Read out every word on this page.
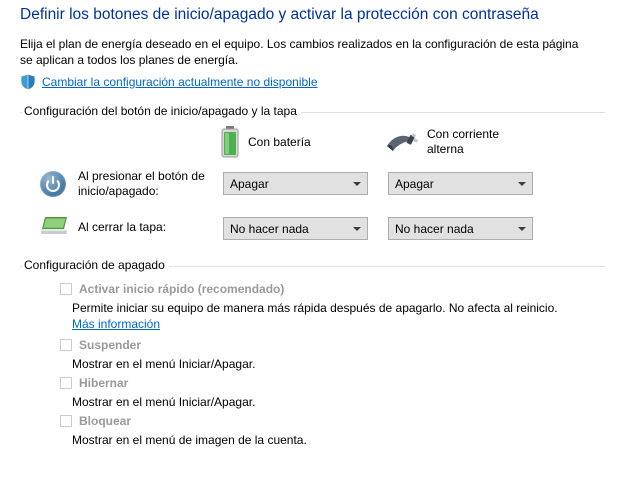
Definir los botones de inicio/apagado y activar la protección con contraseña
Elija el plan de energía deseado en el equipo. Los cambios realizados en la configuración de esta página se aplican a todos los planes de energía.
Cambiar la configuración actualmente no disponible
Configuración del botón de inicio/apagado y la tapa
Con batería
Con corriente alterna
Al presionar el botón de inicio/apagado:
Apagar
Apagar
Al cerrar la tapa:
No hacer nada
No hacer nada
Configuración de apagado
Activar inicio rápido (recomendado)
Permite iniciar su equipo de manera más rápida después de apagarlo. No afecta al reinicio. Más información
Suspender
Mostrar en el menú Iniciar/Apagar.
Hibernar
Mostrar en el menú Iniciar/Apagar.
Bloquear
Mostrar en el menú de imagen de la cuenta.
